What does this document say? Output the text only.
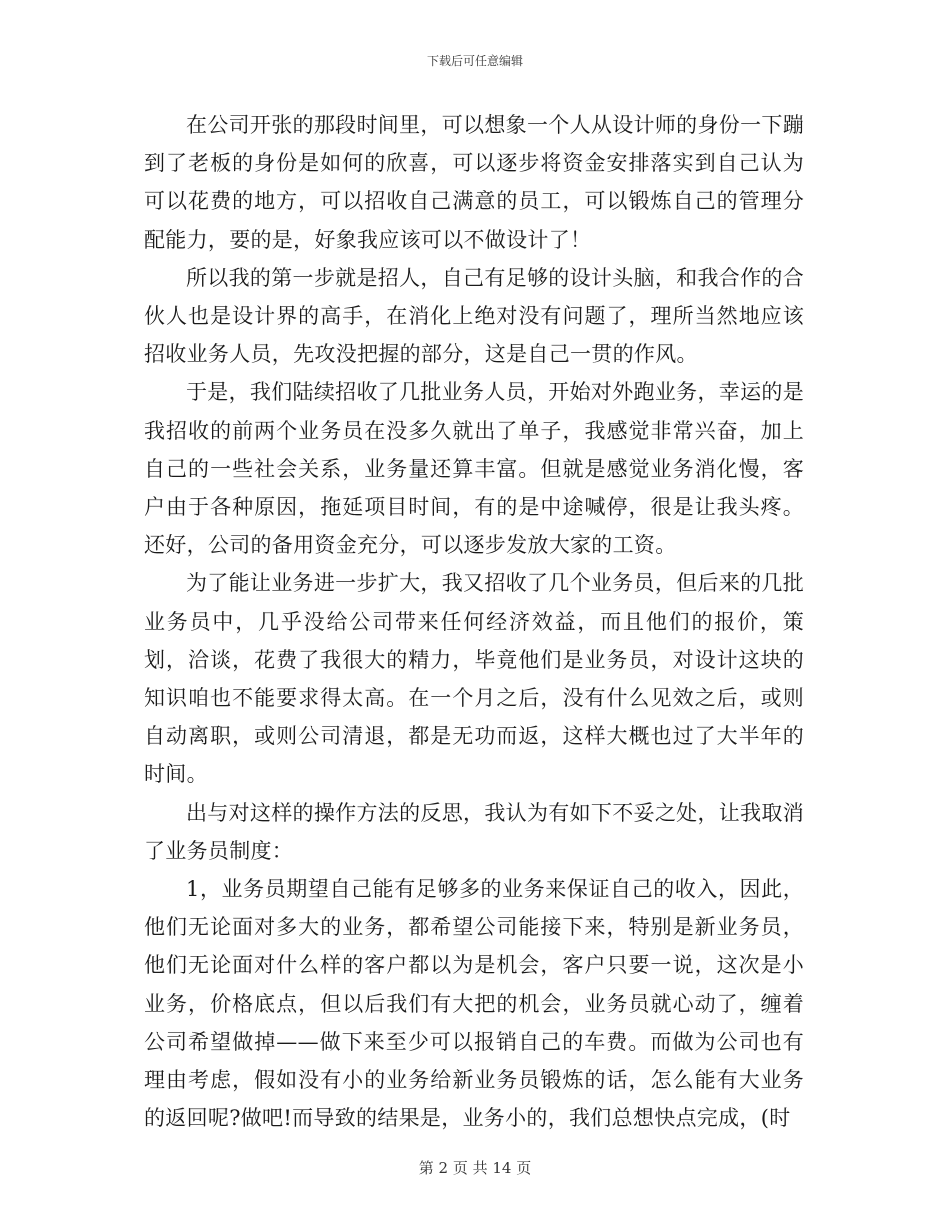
下载后可任意编辑

在公司开张的那段时间里，可以想象一个人从设计师的身份一下蹦到了老板的身份是如何的欣喜，可以逐步将资金安排落实到自己认为可以花费的地方，可以招收自己满意的员工，可以锻炼自己的管理分配能力，要的是，好象我应该可以不做设计了！

所以我的第一步就是招人，自己有足够的设计头脑，和我合作的合伙人也是设计界的高手，在消化上绝对没有问题了，理所当然地应该招收业务人员，先攻没把握的部分，这是自己一贯的作风。

于是，我们陆续招收了几批业务人员，开始对外跑业务，幸运的是我招收的前两个业务员在没多久就出了单子，我感觉非常兴奋，加上自己的一些社会关系，业务量还算丰富。但就是感觉业务消化慢，客户由于各种原因，拖延项目时间，有的是中途喊停，很是让我头疼。还好，公司的备用资金充分，可以逐步发放大家的工资。

为了能让业务进一步扩大，我又招收了几个业务员，但后来的几批业务员中，几乎没给公司带来任何经济效益，而且他们的报价，策划，洽谈，花费了我很大的精力，毕竟他们是业务员，对设计这块的知识咱也不能要求得太高。在一个月之后，没有什么见效之后，或则自动离职，或则公司清退，都是无功而返，这样大概也过了大半年的时间。

出与对这样的操作方法的反思，我认为有如下不妥之处，让我取消了业务员制度：

1，业务员期望自己能有足够多的业务来保证自己的收入，因此，他们无论面对多大的业务，都希望公司能接下来，特别是新业务员，他们无论面对什么样的客户都以为是机会，客户只要一说，这次是小业务，价格底点，但以后我们有大把的机会，业务员就心动了，缠着公司希望做掉——做下来至少可以报销自己的车费。而做为公司也有理由考虑，假如没有小的业务给新业务员锻炼的话，怎么能有大业务的返回呢?做吧!而导致的结果是，业务小的，我们总想快点完成，(时

第 2 页 共 14 页
